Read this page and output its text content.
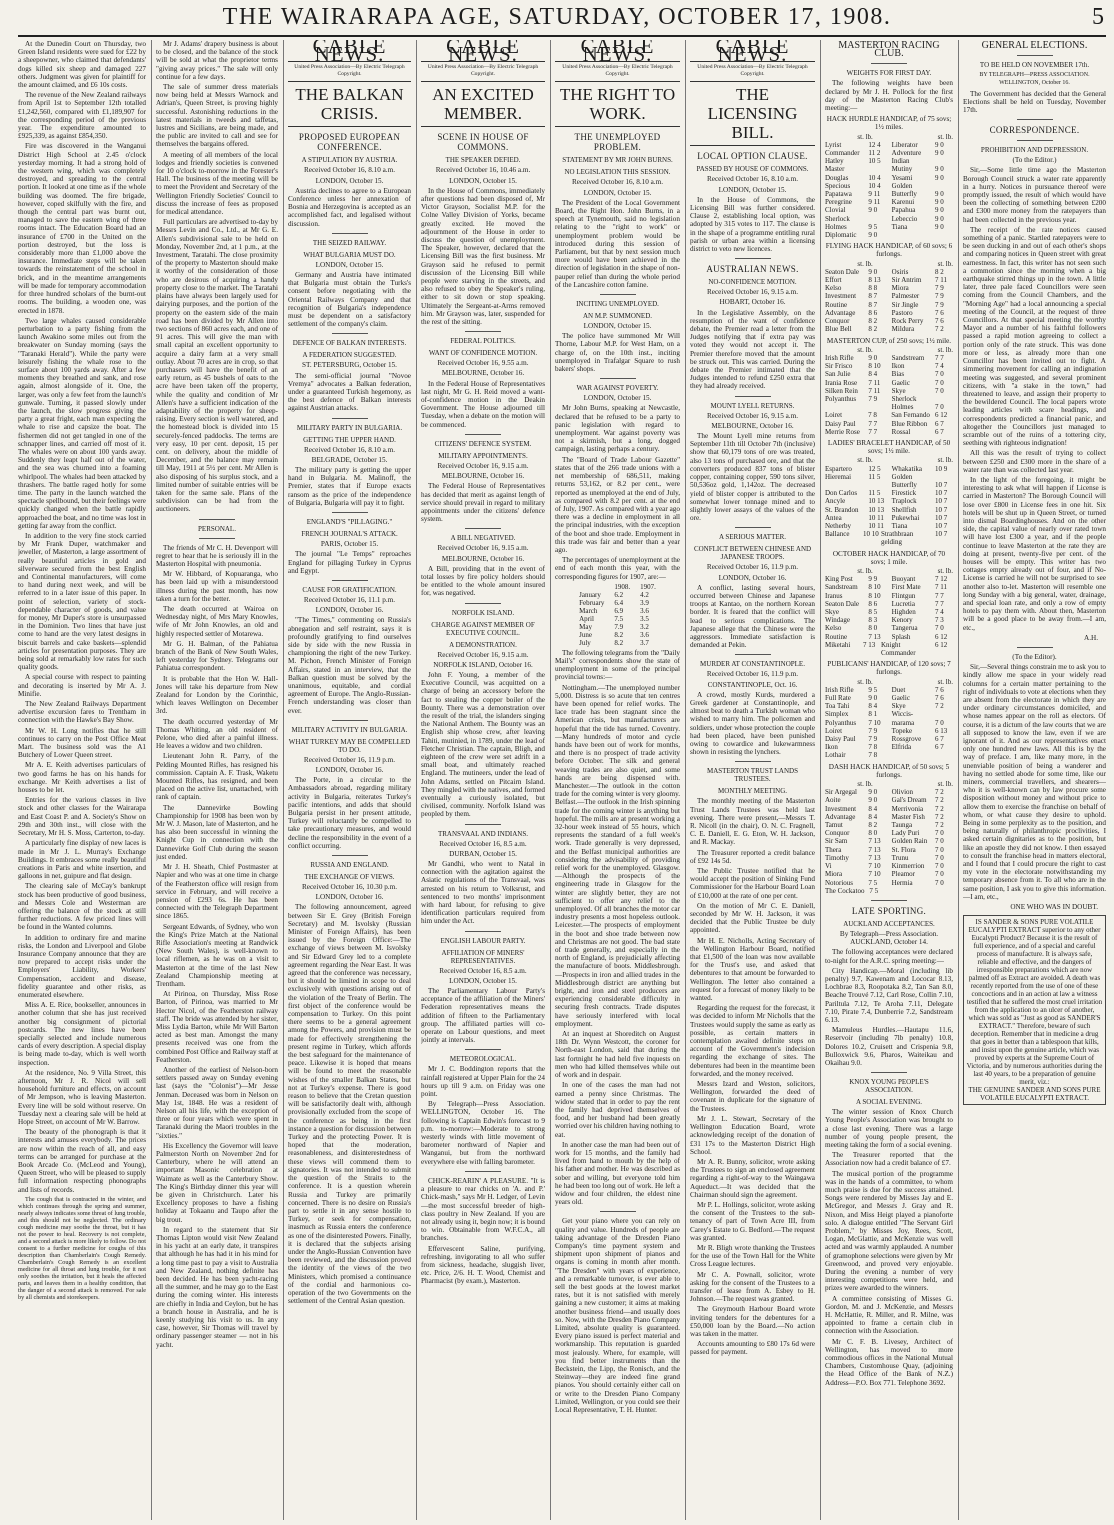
THE WAIRARAPA AGE, SATURDAY, OCTOBER 17, 1908.	5

At the Dunedin Court on Thursday, two Green Island residents were sued for £22 by a sheepowner, who claimed that defendants' dogs killed six sheep and damaged 227 others. Judgment was given for plaintiff for the amount claimed, and £6 10s costs.

The revenue of the New Zealand railways from April 1st to September 12th totalled £1,242,560, compared with £1,189,907 for the corresponding period of the previous year. The expenditure amounted to £925,339, as against £854,350.

Fire was discovered in the Wanganui District High School at 2.45 o'clock yesterday morning. It had a strong hold of the western wing, which was completely destroyed, and spreading to the central portion. It looked at one time as if the whole building was doomed. The fire brigade, however, coped skilfully with the fire, and though the central part was burnt out, managed to save the eastern wing of three rooms intact. The Education Board had an insurance of £700 in the United on the portion destroyed, but the loss is considerably more than £1,000 above the insurance. Immediate steps will be taken towards the reinstatement of the school in brick, and in the meantime arrangements will be made for temporary accommodation for three hundred scholars of the burnt-out rooms. The building, a wooden one, was erected in 1878.

Two large whales caused considerable perturbation to a party fishing from the launch Awakino some miles out from the breakwater on Sunday morning (says the "Taranaki Herald"). While the party were leisurely fishing the whale rose to the surface about 100 yards away. After a few moments they breathed and sank, and rose again, almost alongside of it. One, the larger, was only a few feet from the launch's gunwale. Turning, it passed slowly under the launch, the slow progress giving the party a great fright, each man expecting the whale to rise and capsize the boat. The fishermen did not get tangled in one of the schnapper lines, and carried off most of it. The whales were on about 100 yards away. Suddenly they leapt half out of the water, and the sea was churned into a foaming whirlpool. The whales had been attacked by thrashers. The battle raged hotly for some time. The party in the launch watched the spectacle spellbound, but their feelings were quickly changed when the battle rapidly approached the boat, and no time was lost in getting far away from the conflict.

In addition to the very fine stock carried by Mr Frank Duper, watchmaker and jeweller, of Masterton, a large assortment of really beautiful articles in gold and silverware secured from the best English and Continental manufacturers, will come to hand during next week, and will be referred to in a later issue of this paper. In point of selection, variety of stock-dependable character of goods, and value for money, Mr Duper's store is unsurpassed in the Dominion. Two lines that have just come to hand are the very latest designs in biscuit barrels and cake baskets—splendid articles for presentation purposes. They are being sold at remarkably low rates for such quality goods.

A special course with respect to painting and decorating is inserted by Mr A. J. Minifie.

The New Zealand Railways Department advertise excursion fares to Trentham in connection with the Hawke's Bay Show.

Mr W. H. Long notifies that he still continues to carry on the Post Office Meat Mart. The business sold was the A1 Butchery of Lower Queen street.

Mr A. E. Keith advertises particulars of two good farms he has on his hands for exchange. Mr Keith advertises a list of houses to be let.

Entries for the various classes in live stock and other classes for the Wairarapa and East Coast P. and A. Society's Show on 29th and 30th inst., will close with the Secretary, Mr H. S. Moss, Carterton, to-day.

A particularly fine display of new laces is made in Mr J. L. Murray's Exchange Buildings. It embraces some really beautiful creations in Paris and white insertion, and galloons in net, guipure and flat design.

The clearing sale of McCay's bankrupt stock has been productive of good business, and Messrs Cole and Westerman are offering the balance of the stock at still further reductions. A few priced lines will be found in the Wanted columns.

In addition to ordinary fire and marine risks, the London and Liverpool and Globe Insurance Company announce that they are now prepared to accept risks under the Employers' Liability, Workers' Compensation, accident and disease, fidelity guarantee and other risks, as enumerated elsewhere.

Miss A. E. Rice, bookseller, announces in another column that she has just received another big consignment of pictorial postcards. The new lines have been specially selected and include numerous cards of every description. A special display is being made to-day, which is well worth inspection.

At the residence, No. 9 Villa Street, this afternoon, Mr J. R. Nicol will sell household furniture and effects, on account of Mr Jempson, who is leaving Masterton. Every line will be sold without reserve. On Tuesday next a clearing sale will be held at Hope Street, on account of Mr W. Barrow.

The beauty of the phonograph is that it interests and amuses everybody. The prices are now within the reach of all, and easy terms can be arranged for purchase at the Book Arcade Co. (McLeod and Young), Queen Street, who will be pleased to supply full information respecting phonographs and lists of records.

The cough that is contracted in the winter, and which continues through the spring and summer, nearly always indicates some threat of lung trouble, and this should not be neglected. The ordinary cough medicine may soothe the throat, but it has not the power to heal. Recovery is not complete, and a second attack is more likely to follow. Do not consent to a further medicine for coughs of this description than Chamberlain's Cough Remedy. Chamberlain's Cough Remedy is an excellent medicine for all throat and lung trouble, for it not only soothes the irritation, but it heals the affected parts, and leaves them in a healthy condition, that the danger of a second attack is removed. For sale by all chemists and storekeepers.

Mr J. Adams' drapery business is about to be closed, and the balance of the stock will be sold at what the proprietor terms "giving away prices." The sale will only continue for a few days.

The sale of summer dress materials now being held at Messrs Warnock and Adrian's, Queen Street, is proving highly successful. Astonishing reductions in the latest materials in tweeds and taffetas, lustres and Sicilians, are being made, and the public are invited to call and see for themselves the bargains offered.

A meeting of all members of the local lodges and friendly societies is convened for 10 o'clock to-morrow in the Forester's Hall. The business of the meeting will be to meet the Provident and Secretary of the Wellington Friendly Societies' Council to discuss the increase of fees as proposed for medical attendance.

Full particulars are advertised to-day by Messrs Levin and Co., Ltd., at Mr G. E. Allen's subdivisional sale to be held on Monday, November 2nd, at 1 p.m., at the Investment, Taratahi. The close proximity of the property to Masterton should make it worthy of the consideration of those who are desirous of acquiring a handy property close to the market. The Taratahi plains have always been largely used for dairying purposes, and the portion of the property on the eastern side of the main road has been divided by Mr Allen into two sections of 860 acres each, and one of 91 acres. This will give the man with small capital an excellent opportunity to acquire a dairy farm at a very small outlay. About 70 acres are in crop, so that purchasers will have the benefit of an early return, as 45 bushels of oats to the acre have been taken off the property, while the quality and condition of Mr Allen's have a sufficient indication of the adaptability of the property for sheep-raising. Every section is well watered, and the homestead block is divided into 15 securely-fenced paddocks. The terms are very easy, 10 per cent. deposit, 15 per cent. on delivery, about the middle of December, and the balance may remain till May, 1911 at 5½ per cent. Mr Allen is also disposing of his surplus stock, and a limited number of suitable entries will be taken for the same sale. Plans of the subdivision can be had from the auctioneers.

PERSONAL.

The friends of Mr C. H. Devenport will regret to hear that he is seriously ill in the Masterton Hospital with pneumonia.

Mr W. Hibbard, of Kopuaranga, who has been laid up with a misunderstood illness during the past month, has now taken a turn for the better.

The death occurred at Wairoa on Wednesday night, of Mrs Mary Knowles, wife of Mr John Knowles, an old and highly respected settler of Motarewa.

Mr G. H. Balman, of the Pahiatua branch of the Bank of New South Wales, left yesterday for Sydney. Telegrams our Pahiatua correspondent.

It is probable that the Hon W. Hall-Jones will take his departure from New Zealand for London by the Corinthic, which leaves Wellington on December 3rd.

The death occurred yesterday of Mr Thomas Whiting, an old resident of Pelone, who died after a painful illness. He leaves a widow and two children.

Lieutenant John R. Parry, of the Pelding Mounted Rifles, has resigned his commission. Captain A. F. Trask, Waketu Mounted Rifles, has resigned, and been placed on the active list, unattached, with rank of captain.

The Dannevirke Bowling Championship for 1908 has been won by Mr W. J. Mason, late of Masterton, and he has also been successful in winning the Knight Cup in connection with the Dannevirke Golf Club during the season just ended.

Mr J. H. Sheath, Chief Postmaster at Napier and who was at one time in charge of the Featherston office will resign from service in February, and will receive a pension of £293 6s. He has been connected with the Telegraph Department since 1865.

Sergeant Edwards, of Sydney, who won the King's Prize Match at the National Rifle Association's meeting at Randwick (New South Wales), is well-known to local riflemen, as he was on a visit to Masterton at the time of the last New Zealand Championship meeting at Trentham.

At Pirinoa, on Thursday, Miss Rose Barton, of Pirinoa, was married to Mr Hector Nicol, of the Featherston railway staff. The bride was attended by her sister, Miss Lydia Barton, while Mr Will Barton acted as best man. Amongst the many presents received was one from the combined Post Office and Railway staff at Featherston.

Another of the earliest of Nelson-born settlers passed away on Sunday evening last (says the "Colonist")—Mr Jesse Jenman. Deceased was born in Nelson on May 1st, 1848. He was a resident of Nelson all his life, with the exception of three or four years which were spent in Taranaki during the Maori troubles in the "sixties."

His Excellency the Governor will leave Palmerston North on November 2nd for Canterbury, where he will attend an important Masonic celebration at Waimate as well as the Canterbury Show. The King's Birthday dinner this year will be given in Christchurch. Later his Excellency proposes to have a fishing holiday at Tokaanu and Taupo after the big trout.

In regard to the statement that Sir Thomas Lipton would visit New Zealand in his yacht at an early date, it transpires that although he has had it in his mind for a long time past to pay a visit to Australia and New Zealand, nothing definite has been decided. He has been yacht-racing all the summer, and he may go to the East during the coming winter. His interests are chiefly in India and Ceylon, but he has a branch house in Australia, and he is keenly studying his visit to us. In any case, however, Sir Thomas will travel by ordinary passenger steamer — not in his yacht.

CABLE NEWS.
United Press Association—By Electric Telegraph Copyright.
THE BALKAN CRISIS.
PROPOSED EUROPEAN CONFERENCE.
A STIPULATION BY AUSTRIA.

Received October 16, 8.10 a.m.

LONDON, October 15.

Austria declines to agree to a European Conference unless her annexation of Bosnia and Herzegovina is accepted as an accomplished fact, and legalised without discussion.

THE SEIZED RAILWAY.
WHAT BULGARIA MUST DO.

LONDON, October 15.

Germany and Austria have intimated that Bulgaria must obtain the Turks's consent before negotiating with the Oriental Railways Company and that recognition of Bulgaria's independence must be dependent on a satisfactory settlement of the company's claim.

DEFENCE OF BALKAN INTERESTS.
A FEDERATION SUGGESTED.

ST. PETERSBURG, October 15.

The semi-official journal "Novoe Vremya" advocates a Balkan federation, under a guaranteed Turkish hegemony, as the best defence of Balkan interests against Austrian attacks.

MILITARY PARTY IN BULGARIA.
GETTING THE UPPER HAND.

Received October 16, 8.10 a.m.

BELGRADE, October 15.

The military party is getting the upper hand in Bulgaria. M. Malinoff, the Premier, states that if Europe exacts ransom as the price of the independence of Bulgaria, Bulgaria will pay it to fight.

ENGLAND'S "PILLAGING."
FRENCH JOURNAL'S ATTACK.

PARIS, October 15.

The journal "Le Temps" reproaches England for pillaging Turkey in Cyprus and Egypt.

CAUSE FOR GRATIFICATION.

Received October 16, 11.1 p.m.

LONDON, October 16.

"The Times," commenting on Russia's abnegation and self restraint, says it is profoundly gratifying to find ourselves side by side with the new Russia in championing the right of the new Turkey. M. Pichon, French Minister of Foreign Affairs, stated in an interview, that the Balkan question must be solved by the unanimous, equitable, and cordial agreement of Europe. The Anglo-Russian-French understanding was closer than ever.

MILITARY ACTIVITY IN BULGARIA.
WHAT TURKEY MAY BE COMPELLED TO DO.

Received October 16, 11.9 p.m.

LONDON, October 16.

The Porte, in a circular to the Ambassadors abroad, regarding military activity in Bulgaria, reiterates Turkey's pacific intentions, and adds that should Bulgaria persist in her present attitude, Turkey will reluctantly be compelled to take precautionary measures, and would decline the responsibility in the event of a conflict occurring.

RUSSIA AND ENGLAND.
THE EXCHANGE OF VIEWS.

Received October 16, 10.30 p.m.

LONDON, October 16.

The following announcement, agreed between Sir E. Grey (British Foreign Secretary) and M. Isvolsky (Russian Minister of Foreign Affairs), has been issued by the Foreign Office:—The exchange of views between M. Isvolsky and Sir Edward Grey led to a complete agreement regarding the Near East. It was agreed that the conference was necessary, but it should be limited in scope to deal exclusively with questions arising out of the violation of the Treaty of Berlin. The first object of the conference would be compensation to Turkey. On this point there seems to be a general agreement among the Powers, and provision must be made for effectively strengthening the present regime in Turkey, which affords the best safeguard for the maintenance of peace. Likewise it is hoped that means will be found to meet the reasonable wishes of the smaller Balkan States, but not at Turkey's expense. There is good reason to believe that the Cretan question will be satisfactorily dealt with, although provisionally excluded from the scope of the conference as being in the first instance a question for discussion between Turkey and the protecting Power. It is hoped that the moderation, reasonableness, and disinterestedness of these views will commend them to signatories. It was not intended to submit the question of the Straits to the conference. It is a question wherein Russia and Turkey are primarily concerned. There is no desire on Russia's part to settle it in any sense hostile to Turkey, or seek for compensation, inasmuch as Russia enters the conference as one of the disinterested Powers. Finally, it is declared that the subjects arising under the Anglo-Russian Convention have been reviewed, and the discussion proved the identity of the views of the two Ministers, which promised a continuance of the cordial and harmonious co-operation of the two Governments on the settlement of the Central Asian question.

CABLE NEWS.
United Press Association—By Electric Telegraph Copyright.
AN EXCITED MEMBER.
SCENE IN HOUSE OF COMMONS.
THE SPEAKER DEFIED.

Received October 16, 10.46 a.m.

LONDON, October 15.

In the House of Commons, immediately after questions had been disposed of, Mr Victor Grayson, Socialist M.P. for the Colne Valley Division of Yorks, became greatly excited. He moved the adjournment of the House in order to discuss the question of unemployment. The Speaker, however, declared that the Licensing Bill was the first business. Mr Grayson said he refused to permit discussion of the Licensing Bill while people were starving in the streets, and also refused to obey the Speaker's ruling, either to sit down or stop speaking. Ultimately the Sergeant-at-Arms removed him. Mr Grayson was, later, suspended for the rest of the sitting.

FEDERAL POLITICS.
WANT OF CONFIDENCE MOTION.

Received October 16, 9.55 a.m.

MELBOURNE, October 16.

In the Federal House of Representatives last night, Mr G. H. Reid moved a want-of-confidence motion in the Deakin Government. The House adjourned till Tuesday, when a debate on the motion will be commenced.

CITIZENS' DEFENCE SYSTEM.
MILITARY APPOINTMENTS.

Received October 16, 9.15 a.m.

MELBOURNE, October 16.

The Federal House of Representatives has decided that merit as against length of service should prevail in regard to military appointments under the citizens' defence system.

A BILL NEGATIVED.

Received October 16, 9.15 a.m.

MELBOURNE, October 16.

A Bill, providing that in the event of total losses by fire policy holders should be entitled to the whole amount insured for, was negatived.

NORFOLK ISLAND.
CHARGE AGAINST MEMBER OF EXECUTIVE COUNCIL.
A DEMONSTRATION.

Received October 16, 9.15 a.m.

NORFOLK ISLAND, October 16.

John F. Young, a member of the Executive Council, was acquitted on a charge of being an accessory before the fact to stealing the copper boiler of the Bounty. There was a demonstration over the result of the trial, the islanders singing the National Anthem. The Bounty was an English ship whose crew, after leaving Tahiti, mutinied, in 1789, under the lead of Fletcher Christian. The captain, Bligh, and eighteen of the crew were set adrift in a small boat, and ultimately reached England. The mutineers, under the lead of John Adams, settled on Pitcairn Island. They mingled with the natives, and formed eventually a curiously isolated, but civilised, community. Norfolk Island was peopled by them.

TRANSVAAL AND INDIANS.

Received October 16, 8.5 a.m.

DURBAN, October 15.

Mr Gandhi, who went to Natal in connection with the agitation against the Asiatic regulations of the Transvaal, was arrested on his return to Volksrust, and sentenced to two months' imprisonment with hard labour, for refusing to give identification particulars required from him under the Act.

ENGLISH LABOUR PARTY.
AFFILIATION OF MINERS' REPRESENTATIVES.

Received October 16, 8.5 a.m.

LONDON, October 15.

The Parliamentary Labour Party's acceptance of the affiliation of the Miners' Federation representatives means the addition of fifteen to the Parliamentary group. The affiliated parties will co-operate on Labour questions, and meet jointly at intervals.

METEOROLOGICAL.

Mr J. C. Boddington reports that the rainfall registered at Upper Plain for the 24 hours up till 9 a.m. on Friday was one point.

By Telegraph—Press Association. WELLINGTON, October 16. The following is Captain Edwin's forecast to 9 p.m. to-morrow:—Moderate to strong westerly winds with little movement of barometer northward of Napier and Wanganui, but from the northward everywhere else with falling barometer.

CHICK-REARIN' A PLEASURE. "It is a pleasure to rear chicks on 'A. and P.' Chick-mash," says Mr H. Ledger, of Levin—the most successful breeder of high-class poultry in New Zealand. If you are not already using it, begin now; it is bound to win. Obtainable from W.F.C.A., all branches.

Effervescent Saline, purifying, refreshing, invigorating to all who suffer from sickness, headache, sluggish liver, etc. Price, 2/6. H. T. Wood, Chemist and Pharmacist (by exam.), Masterton.

CABLE NEWS.
United Press Association—By Electric Telegraph Copyright.
THE RIGHT TO WORK.
THE UNEMPLOYED PROBLEM.
STATEMENT BY MR JOHN BURNS.
NO LEGISLATION THIS SESSION.

Received October 16, 8.10 a.m.

LONDON, October 15.

The President of the Local Government Board, the Right Hon. John Burns, in a speech at Tynemouth, said no legislation relating to the "right to work" or unemployment problem would be introduced during this session of Parliament, but that by next session much more would have been achieved in the direction of legislation in the shape of non-pauper relief than during the whole period of the Lancashire cotton famine.

INCITING UNEMPLOYED.
AN M.P. SUMMONED.

LONDON, October 15.

The police have summoned Mr Will Thorne, Labour M.P. for West Ham, on a charge of, on the 10th inst., inciting unemployed in Trafalgar Square to rush bakers' shops.

WAR AGAINST POVERTY.

LONDON, October 15.

Mr John Burns, speaking at Newcastle, declared that he refused to be a party to panic legislation with regard to unemployment. War against poverty was not a skirmish, but a long, dogged campaign, lasting perhaps a century.

The "Board of Trade Labour Gazette" states that of the 266 trade unions with a net membership of 686,511, making returns 53,162, or 8.2 per cent., were reported as unemployed at the end of July, as compared with 8.2 per cent. at the end of July, 1907. As compared with a year ago there was a decline in employment in all the principal industries, with the exception of the boot and shoe trade. Employment in this trade was fair and better than a year ago.

The percentages of unemployment at the end of each month this year, with the corresponding figures for 1907, are:—

	1908.	1907.
January	6.2	4.2
February	6.4	3.9
March	6.9	3.6
April	7.5	3.5
May	7.9	3.2
June	8.2	3.6
July	8.2	3.7

The following telegrams from the "Daily Mail's" correspondents show the state of unemployment in some of the principal provincial towns:—

Nottingham.—The unemployed number 5,000. Distress is so acute that ten centres have been opened for relief works. The lace trade has been stagnant since the American crisis, but manufacturers are hopeful that the tide has turned. Coventry.—Many hundreds of motor and cycle hands have been out of work for months, and there is no prospect of trade activity before October. The silk and general weaving trades are also quiet, and some hands are being dispensed with. Manchester.—The outlook in the cotton trade for the coming winter is very gloomy. Belfast.—The outlook in the Irish spinning trade for the coming winter is anything but hopeful. The mills are at present working a 32-hour week instead of 55 hours, which represents the standard of a full week's work. Trade generally is very depressed, and the Belfast municipal authorities are considering the advisability of providing relief work for the unemployed. Glasgow.—Although the prospects of the engineering trade in Glasgow for the winter are slightly better, they are not sufficient to offer any relief to the unemployed. Of all branches the motor car industry presents a most hopeless outlook. Leicester.—The prospects of employment in the boot and shoe trade between now and Christmas are not good. The bad state of trade generally, and especially in the north of England, is prejudicially affecting the manufacture of boots. Middlesbrough.—Prospects in iron and allied trades in the Middlesbrough district are anything but bright, and iron and steel producers are experiencing considerable difficulty in securing fresh contracts. Trade disputes have seriously interfered with local employment.

At an inquest at Shoreditch on August 18th Dr. Wynn Westcott, the coroner for North-east London, said that during the last fortnight he had held five inquests on men who had killed themselves while out of work and in despair.

In one of the cases the man had not earned a penny since Christmas. The widow stated that in order to pay the rent the family had deprived themselves of food, and her husband had been greatly worried over his children having nothing to eat.

In another case the man had been out of work for 15 months, and the family had lived from hand to mouth by the help of his father and mother. He was described as sober and willing, but everyone told him he had been too long out of work. He left a widow and four children, the eldest nine years old.

Get your piano where you can rely on quality and value. Hundreds of people are taking advantage of the Dresden Piano Company's time payment system and shipment upon shipment of pianos and organs is coming in month after month. "The Dresden" with years of experience, and a remarkable turnover, is ever able to sell the best goods at the lowest market rates, but it is not satisfied with merely gaining a new customer; it aims at making another business friend—and usually does so. Now, with the Dresden Piano Company Limited, absolute quality is guaranteed. Every piano issued is perfect material and workmanship. This reputation is guarded most jealously. Where, for example, will you find better instruments than the Beckstein, the Lipp, the Ronisch, and the Steinway—they are indeed fine grand pianos. You should certainly either call on or write to the Dresden Piano Company Limited, Wellington, or you could see their Local Representative, T. H. Hunter.

CABLE NEWS.
United Press Association—By Electric Telegraph Copyright.
THE LICENSING BILL.
LOCAL OPTION CLAUSE.
PASSED BY HOUSE OF COMMONS.

Received October 16, 8.10 a.m.

LONDON, October 15.

In the House of Commons, the Licensing Bill was further considered. Clause 2, establishing local option, was adopted by 315 votes to 117. The clause is in the shape of a programme entitling rural parish or urban area within a licensing district to veto new licences.

AUSTRALIAN NEWS.
NO-CONFIDENCE MOTION.

Received October 16, 9.15 a.m.

HOBART, October 16.

In the Legislative Assembly, on the resumption of the want of confidence debate, the Premier read a letter from the Judges notifying that if extra pay was voted they would not accept it. The Premier therefore moved that the amount be struck out. This was carried. During the debate the Premier intimated that the Judges intended to refund £250 extra that they had already received.

MOUNT LYELL RETURNS.

Received October 16, 9.15 a.m.

MELBOURNE, October 16.

The Mount Lyell mine returns from September 11th till October 7th (inclusive) show that 60,179 tons of ore was treated, also 13 tons of purchased ore, and that the converters produced 837 tons of blister copper, containing copper, 590 tons silver, 50,536oz gold, 1,142oz. The decreased yield of blister copper is attributed to the somewhat lower tonnage mined and to slightly lower assays of the values of the ore.

A SERIOUS MATTER.
CONFLICT BETWEEN CHINESE AND JAPANESE TROOPS.

Received October 16, 11.9 p.m.

LONDON, October 16.

A conflict, lasting several hours, occurred between Chinese and Japanese troops at Kantao, on the northern Korean border. It is feared that the conflict will lead to serious complications. The Japanese allege that the Chinese were the aggressors. Immediate satisfaction is demanded at Pekin.

MURDER AT CONSTANTINOPLE.

Received October 16, 11.9 p.m.

CONSTANTINOPLE, Oct. 16.

A crowd, mostly Kurds, murdered a Greek gardener at Constantinople, and almost beat to death a Turkish woman who wished to marry him. The policemen and soldiers, under whose protection the couple had been placed, have been punished owing to cowardice and lukewarmness shown in resisting the lynchers.

MASTERTON TRUST LANDS TRUSTEES.
MONTHLY MEETING.

The monthly meeting of the Masterton Trust Lands Trustees was held last evening. There were present,—Messrs T. R. Nicoll (in the chair), O. N. C. Fragnell, C. E. Daniell, E. G. Eton, W. H. Jackson, and R. Mackay.

The Treasurer reported a credit balance of £92 14s 5d.

The Public Trustee notified that he would accept the position of Sinking Fund Commissioner for the Harbour Board Loan of £10,000 at the rate of one per cent.

On the motion of Mr C. E. Daniell, seconded by Mr W. H. Jackson, it was decided that the Public Trustee be duly appointed.

Mr H. E. Nicholls, Acting Secretary of the Wellington Harbour Board, notified that £1,500 of the loan was now available for the Trust's use, and asked that debentures to that amount be forwarded to Wellington. The letter also contained a request for a forecast of money likely to be wanted.

Regarding the request for the forecast, it was decided to inform Mr Nicholls that the Trustees would supply the same as early as possible, as certain matters in contemplation awaited definite steps on account of the Government's indecision regarding the exchange of sites. The debentures had been in the meantime been forwarded, and the money received.

Messrs Izard and Weston, solicitors, Wellington, forwarded the deed of covenant in duplicate for the signature of the Trustees.

Mr J. L. Stewart, Secretary of the Wellington Education Board, wrote acknowledging receipt of the donation of £31 17s to the Masterton District High School.

Mr A. R. Bunny, solicitor, wrote asking the Trustees to sign an enclosed agreement regarding a right-of-way to the Waingawa Aqueduct.—It was decided that the Chairman should sign the agreement.

Mr P. L. Hollings, solicitor, wrote asking the consent of the Trustees to the sub-tenancy of part of Town Acre III, from Carey's Estate to G. Bedford.—The request was granted.

Mr R. Bligh wrote thanking the Trustees for the use of the Town Hall for the White Cross League lectures.

Mr C. A. Pownall, solicitor, wrote asking for the consent of the Trustees to a transfer of lease from A. Esbey to H. Johnson.—The request was granted.

The Greymouth Harbour Board wrote inviting tenders for the debentures for a £50,000 loan by the Board.—No action was taken in the matter.

Accounts amounting to £80 17s 6d were passed for payment.

MASTERTON RACING CLUB.
WEIGHTS FOR FIRST DAY.

The following weights have been declared by Mr J. H. Pollock for the first day of the Masterton Racing Club's meeting:—

HACK HURDLE HANDICAP, of 75 sovs; 1½ miles.
st. lb.	st. lb.
Lyrist	12 4	Liberator	9 0
Commander	11 2	Adventure	9 0
Hatley	10 5	Indian
Master	Mutiny	9 0
Douglas	10 4	Yesami	9 0
Specious	10 4	Golden
Papatawa	9 11	Butterfly	9 0
Peregrine	9 11	Karenui	9 0
Clovial	9 0	Papahua	9 0
Sherlock	Lebeccio	9 0
Holmes	9 5	Tiana	9 0
Diplomatic	9 0
FLYING HACK HANDICAP, of 60 sovs; 6 furlongs.
st. lb.	st. lb.
Seaton Dale	9 0	Osiris	8 2
Effort	8 13	Sir Antrim	7 11
Kelso	8 8	Miora	7 9
Investment	8 7	Palmester	7 9
Routine	8 7	Sir Jingle	7 9
Advantage	8 6	Pastoro	7 6
Conquor	8 2	Rock Perry	7 6
Blue Bell	8 2	Mildura	7 2
MASTERTON CUP, of 250 sovs; 1½ mile.
st. lb.	st. lb.
Irish Rifle	9 0	Sandstream	7 7
Sir Frisco	8 10	Ikon	7 4
San Julie	8 4	Bias	7 0
Irania Rose	7 11	Gaelic	7 0
Silken Rein	7 11	Skye	7 0
Polyanthus	7 9	Sherlock
Holmes	7 0
Loiret	7 8	San Fernando 6 12
Daisy Paul	7 7	Blue Ribbon	6 7
Merrie Rose	7 7	Rossal	6 7
LADIES' BRACELET HANDICAP, of 50 sovs; 1½ mile.
st. lb.	st. lb.
Espartero	12 5	Whakatika	10 9
Hieremai	11 5	Golden
Butterfly	10 7
Don Carlos	11 5	Firestick	10 7
Ancyle	10 13	Traplock	10 7
St. Brandon	10 13	Shellfish	10 7
Antea	10 11	Pukewhai	10 7
Netherby	10 11	Tiana	10 7
Ballance	10 10 Strathbraan gelding
10 7
OCTOBER HACK HANDICAP, of 70 sovs; 1 mile.
st. lb.	st. lb.
King Post	9 9	Buoyant	7 12
Sandstream	8 10	First Mate	7 11
Iranus	8 10	Flintgun	7 7
Seaton Dale	8 6	Lucretia	7 7
Skye	8 5	Highden	7 4
Windage	8 3	Kenory	7 3
Kelso	8 0	Tangerua	7 0
Routine	7 13	Splash	6 12
Miketahi	7 13 Knight Commander
6 12
PUBLICANS' HANDICAP, of 120 sovs; 7 furlongs.
st. lb.	st. lb.
Irish Rifle	9 5	Duet	7 6
Full Rate	9 0	Gaelic	7 6
Toa Tahi	8 4	Skye	7 2
Simplex	8 1	Wiccis-
Polyanthus	7 10	marama	7 0
Loiret	7 9	Topeke	6 13
Daisy Paul	7 9	Rossgrove	6 7
Ikon	7 8	Elfrida	6 7
Lothair	7 8
DASH HACK HANDICAP, of 50 sovs; 5 furlongs.
st. lb.	st. lb.
Sir Argegal	9 0	Olivion	7 2
Aoite	9 0	Gal's Dream	7 2
Investment	8 4	Merrivonia	7 2
Advantage	8 4	Master Fish	7 2
Tamut	8 2	Taunga	7 2
Conquor	8 0	Lady Puri	7 0
Sir Sam	7 13	Golden Rain	7 0
Thera	7 13	St. Flora	7 0
Timothy	7 13	Trunu	7 0
Vi	7 10	Kinmerrion	7 0
Miora	7 10	Pleamor	7 0
Notorious	7 5	Hermia	7 0
The Cockatoo 7 5
LATE SPORTING.
AUCKLAND ACCEPTANCES.

By Telegraph—Press Association. AUCKLAND, October 14.

The following acceptances were declared to-night for the A.R.C. spring meeting:—

City Handicap.—Moral (including lib penalty) 9.7, Kawenam and Lococar 8.13, Lochbrae 8.3, Roopotaka 8.2, Tan San 8.0, Beache Trouvé 7.12, Carl Rose, Collin 7.10, Pariltula 7.12, Te Aroha 7.11, Delegate 7.10, Pirate 7.4, Dunberrie 7.2, Sandstream 6.13.

Mamuleus Hurdles.—Hautapu 11.6, Reservoir (including 7lb penalty) 10.8, Dolores 10.2, Cruisett and Crispenia 9.8, Bulloxwick 9.6, Pharos, Waiteikau and Okaihau 9.0.

KNOX YOUNG PEOPLE'S ASSOCIATION.
A SOCIAL EVENING.

The winter session of Knox Church Young People's Association was brought to a close last evening. There was a large number of young people present, the meeting taking the form of a social evening.

The Treasurer reported that the Association now had a credit balance of £7.

The musical portion of the programme was in the hands of a committee, to whom much praise is due for the success attained. Songs were rendered by Misses Jay and E. McGregor, and Messrs J. Gray and R. Nixon, and Miss Heigt played a pianoforte solo. A dialogue entitled "The Servant Girl Problem," by Misses Joy, Rees, Scott, Logan, McGlattie, and McKenzie was well acted and was warmly applauded. A number of gramophone selections were given by Mr Greenwood, and proved very enjoyable. During the evening a number of very interesting competitions were held, and prizes were awarded to the winners.

A committee consisting of Misses G. Gordon, M. and J. McKenzie, and Messrs H. McHattie, R. Miller, and R. Milne, was appointed to frame a certain club in connection with the Association.

Mr C. F. B. Livesey, Architect of Wellington, has moved to more commodious offices in the National Mutual Chambers, Customhouse Quay, (adjoining the Head Office of the Bank of N.Z.) Address—P.O. Box 771. Telephone 3692.

GENERAL ELECTIONS.
TO BE HELD ON NOVEMBER 17th.

BY TELEGRAPH—PRESS ASSOCIATION. WELLINGTON, October 16.

The Government has decided that the General Elections shall be held on Tuesday, November 17th.

CORRESPONDENCE.
PROHIBITION AND DEPRESSION.

(To the Editor.)

Sir,—Some little time ago the Masterton Borough Council struck a water rate apparently in a hurry. Notices in pursuance thereof were promptly issued, the result of which would have been the collecting of something between £200 and £300 more money from the ratepayers than had been collected in the previous year.

The receipt of the rate notices caused something of a panic. Startled ratepayers were to be seen ducking in and out of each other's shops and comparing notices in Queen street with great earnestness. In fact, this writer has not seen such a commotion since the morning when a big earthquake stirred things up in the town. A little later, three pale faced Councillors were seen coming from the Council Chambers, and the "Morning Age" had a local announcing a special meeting of the Council, at the request of three Councillors. At that special meeting the worthy Mayor and a number of his faithful followers passed a rapid motion agreeing to collect a portion only of the rate struck. This was done more or less, as already more than one Councillor has been invited out to fight. A simmering movement for calling an indignation meeting was suggested, and several prominent citizens, with "a stake in the town," had threatened to leave, and assign their property to the bewildered Council. The local papers wrote leading articles with scare headings, and correspondents predicted a financial panic, and altogether the Councillors just managed to scramble out of the ruins of a tottering city, seething with righteous indignation!

All this was the result of trying to collect between £250 and £300 more in the share of a water rate than was collected last year.

In the light of the foregoing, it might be interesting to ask what will happen if License is carried in Masterton? The Borough Council will lose over £800 in License fees in one hit. Six hotels will be shut up in Queen Street, or turned into dismal Boardinghouses. And on the other side, the capital value of nearly over rated town will have lost £300 a year, and if the people continue to leave Masterton at the rate they are doing at present, twenty-five per cent. of the houses will be empty. This writer has two cottages empty already out of four, and if No-License is carried he will not be surprised to see another also to-let. Masterton will resemble one long Sunday with a big general, water, drainage, and special loan rate, and only a row of empty hotels to pay them with. About then, Masterton will be a good place to be away from.—I am, etc.,

A.H.

(To the Editor).

Sir,—Several things constrain me to ask you to kindly allow me space in your widely read columns for a certain matter pertaining to the right of individuals to vote at elections when they are absent from the electorate in which they are under ordinary circumstances domiciled, and whose names appear on the roll as electors. Of course, it is a dictum of the law courts that we are all supposed to know the law, even if we are ignorant of it. And as our representatives enact only one hundred new laws. All this is by the way of preface. I am, like many more, in the unenviable position of being a wanderer and having no settled abode for some time, like our miners, commercial travellers, and shearers—who it is well-known can by law procure some disposition without money and without price to allow them to exercise the franchise on behalf of whom, or what cause they desire to uphold. Being in some perplexity as to the position, and being naturally of philanthropic proclivities, I asked certain dignitaries as to the position, but like an apostle they did not know. I then essayed to consult the franchise head in matters electoral, and I found that I could procure the right to cast my vote in the electorate notwithstanding my temporary absence from it. To all who are in the same position, I ask you to give this information.—I am, etc.,

ONE WHO WAS IN DOUBT.
IS SANDER & SONS PURE VOLATILE EUCALYPTI EXTRACT superior to any other Eucalypti Product? Because it is the result of full experience, and of a special and careful process of manufacture. It is always safe, reliable and effective, and the dangers of irresponsible preparations which are now palmed off as Extract are avoided. A death was recently reported from the use of one of these concoctions and in an action at law a witness testified that he suffered the most cruel irritation from the application to an ulcer of another, which was sold as "Just as good as SANDER'S EXTRACT." Therefore, beware of such deception. Remember that in medicine a drug that goes in better than a tablespoon that kills, and insist upon the genuine article, which was proved by experts at the Supreme Court of Victoria, and by numerous authorities during the last 40 years, to be a preparation of genuine merit, viz.:
THE GENUINE SANDER AND SONS PURE VOLATILE EUCALYPTI EXTRACT.
